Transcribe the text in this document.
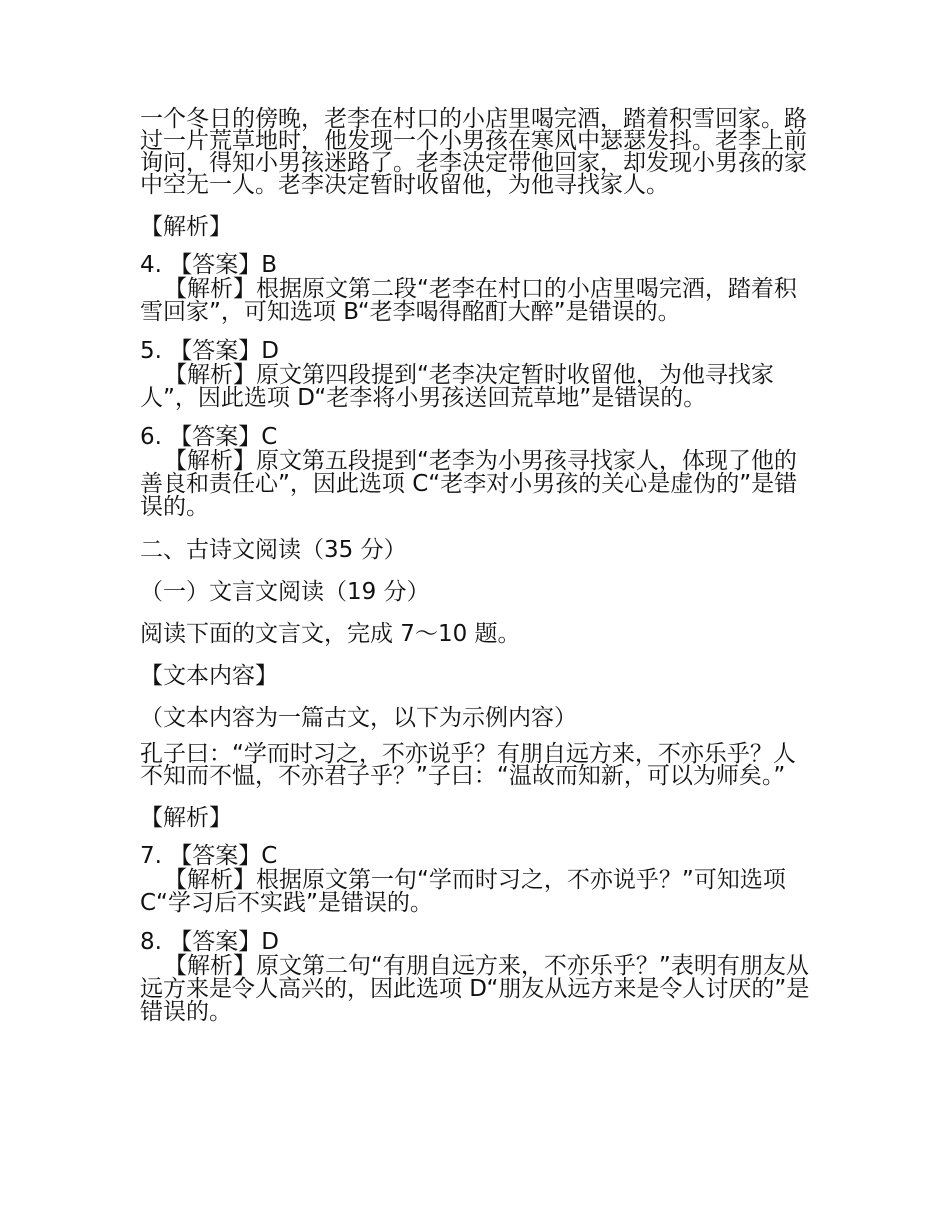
一个冬日的傍晚，老李在村口的小店里喝完酒，踏着积雪回家。路过一片荒草地时，他发现一个小男孩在寒风中瑟瑟发抖。老李上前询问，得知小男孩迷路了。老李决定带他回家，却发现小男孩的家中空无一人。老李决定暂时收留他，为他寻找家人。

【解析】

4. 【答案】B
【解析】根据原文第二段“老李在村口的小店里喝完酒，踏着积雪回家”，可知选项 B“老李喝得酩酊大醉”是错误的。
5. 【答案】D
【解析】原文第四段提到“老李决定暂时收留他，为他寻找家人”，因此选项 D“老李将小男孩送回荒草地”是错误的。
6. 【答案】C
【解析】原文第五段提到“老李为小男孩寻找家人，体现了他的善良和责任心”，因此选项 C“老李对小男孩的关心是虚伪的”是错误的。

二、古诗文阅读（35 分）

（一）文言文阅读（19 分）

阅读下面的文言文，完成 7～10 题。

【文本内容】

（文本内容为一篇古文，以下为示例内容）

孔子曰：“学而时习之，不亦说乎？有朋自远方来，不亦乐乎？人不知而不愠，不亦君子乎？”子曰：“温故而知新，可以为师矣。”

【解析】

7. 【答案】C
【解析】根据原文第一句“学而时习之，不亦说乎？”可知选项 C“学习后不实践”是错误的。
8. 【答案】D
【解析】原文第二句“有朋自远方来，不亦乐乎？”表明有朋友从远方来是令人高兴的，因此选项 D“朋友从远方来是令人讨厌的”是错误的。
